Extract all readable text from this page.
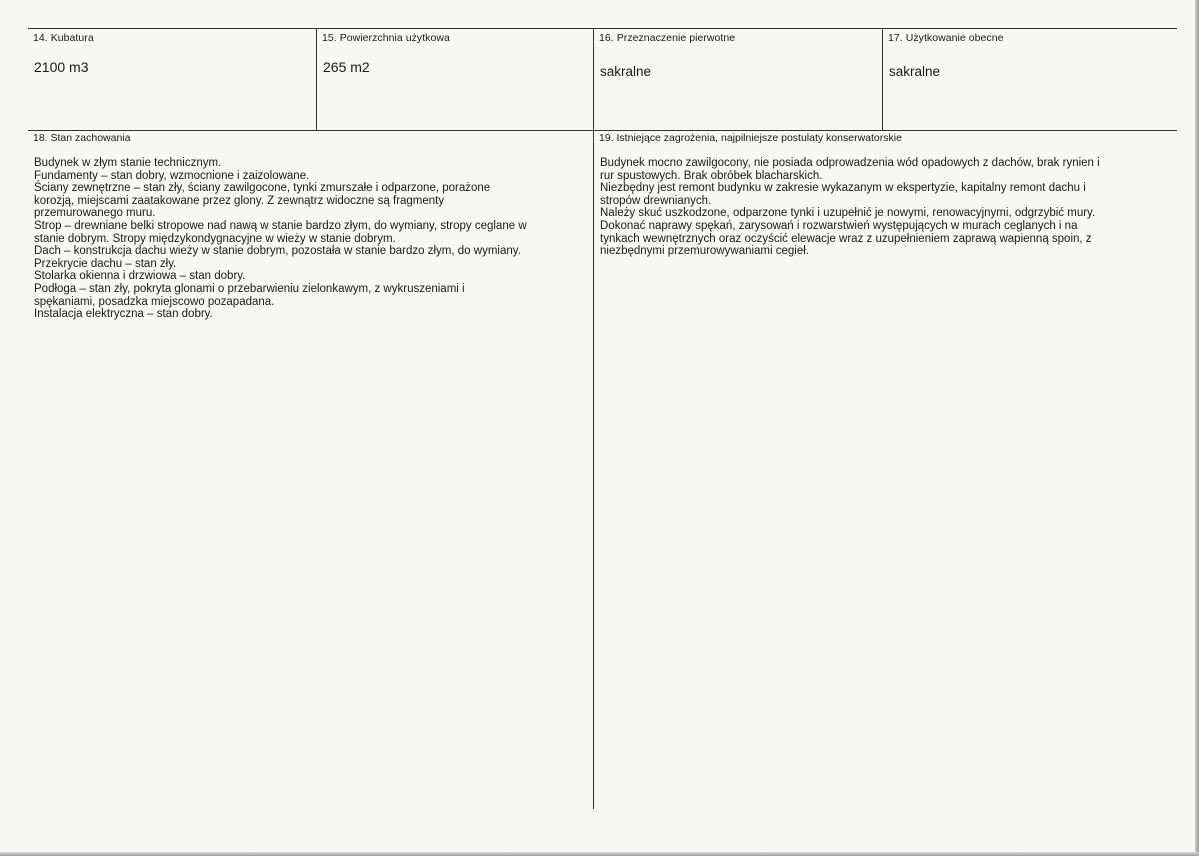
14. Kubatura
2100 m3
15. Powierzchnia użytkowa
265 m2
16. Przeznaczenie pierwotne
sakralne
17. Użytkowanie obecne
sakralne
18. Stan zachowania
Budynek w złym stanie technicznym.
Fundamenty – stan dobry, wzmocnione i zaizolowane.
Ściany zewnętrzne – stan zły, ściany zawilgocone, tynki zmurszałe i odparzone, porażone
korozją, miejscami zaatakowane przez glony. Z zewnątrz widoczne są fragmenty
przemurowanego muru.
Strop – drewniane belki stropowe nad nawą w stanie bardzo złym, do wymiany, stropy ceglane w
stanie dobrym. Stropy międzykondygnacyjne w wieży w stanie dobrym.
Dach – konstrukcja dachu wieży w stanie dobrym, pozostała w stanie bardzo złym, do wymiany.
Przekrycie dachu – stan zły.
Stolarka okienna i drzwiowa – stan dobry.
Podłoga – stan zły, pokryta glonami o przebarwieniu zielonkawym, z wykruszeniami i
spękaniami, posadzka miejscowo pozapadana.
Instalacja elektryczna – stan dobry.
19. Istniejące zagrożenia, najpilniejsze postulaty konserwatorskie
Budynek mocno zawilgocony, nie posiada odprowadzenia wód opadowych z dachów, brak rynien i
rur spustowych. Brak obróbek blacharskich.
Niezbędny jest remont budynku w zakresie wykazanym w ekspertyzie, kapitalny remont dachu i
stropów drewnianych.
Należy skuć uszkodzone, odparzone tynki i uzupełnić je nowymi, renowacyjnymi, odgrzybić mury.
Dokonać naprawy spękań, zarysowań i rozwarstwień występujących w murach ceglanych i na
tynkach wewnętrznych oraz oczyścić elewacje wraz z uzupełnieniem zaprawą wapienną spoin, z
niezbędnymi przemurowywaniami cegieł.
